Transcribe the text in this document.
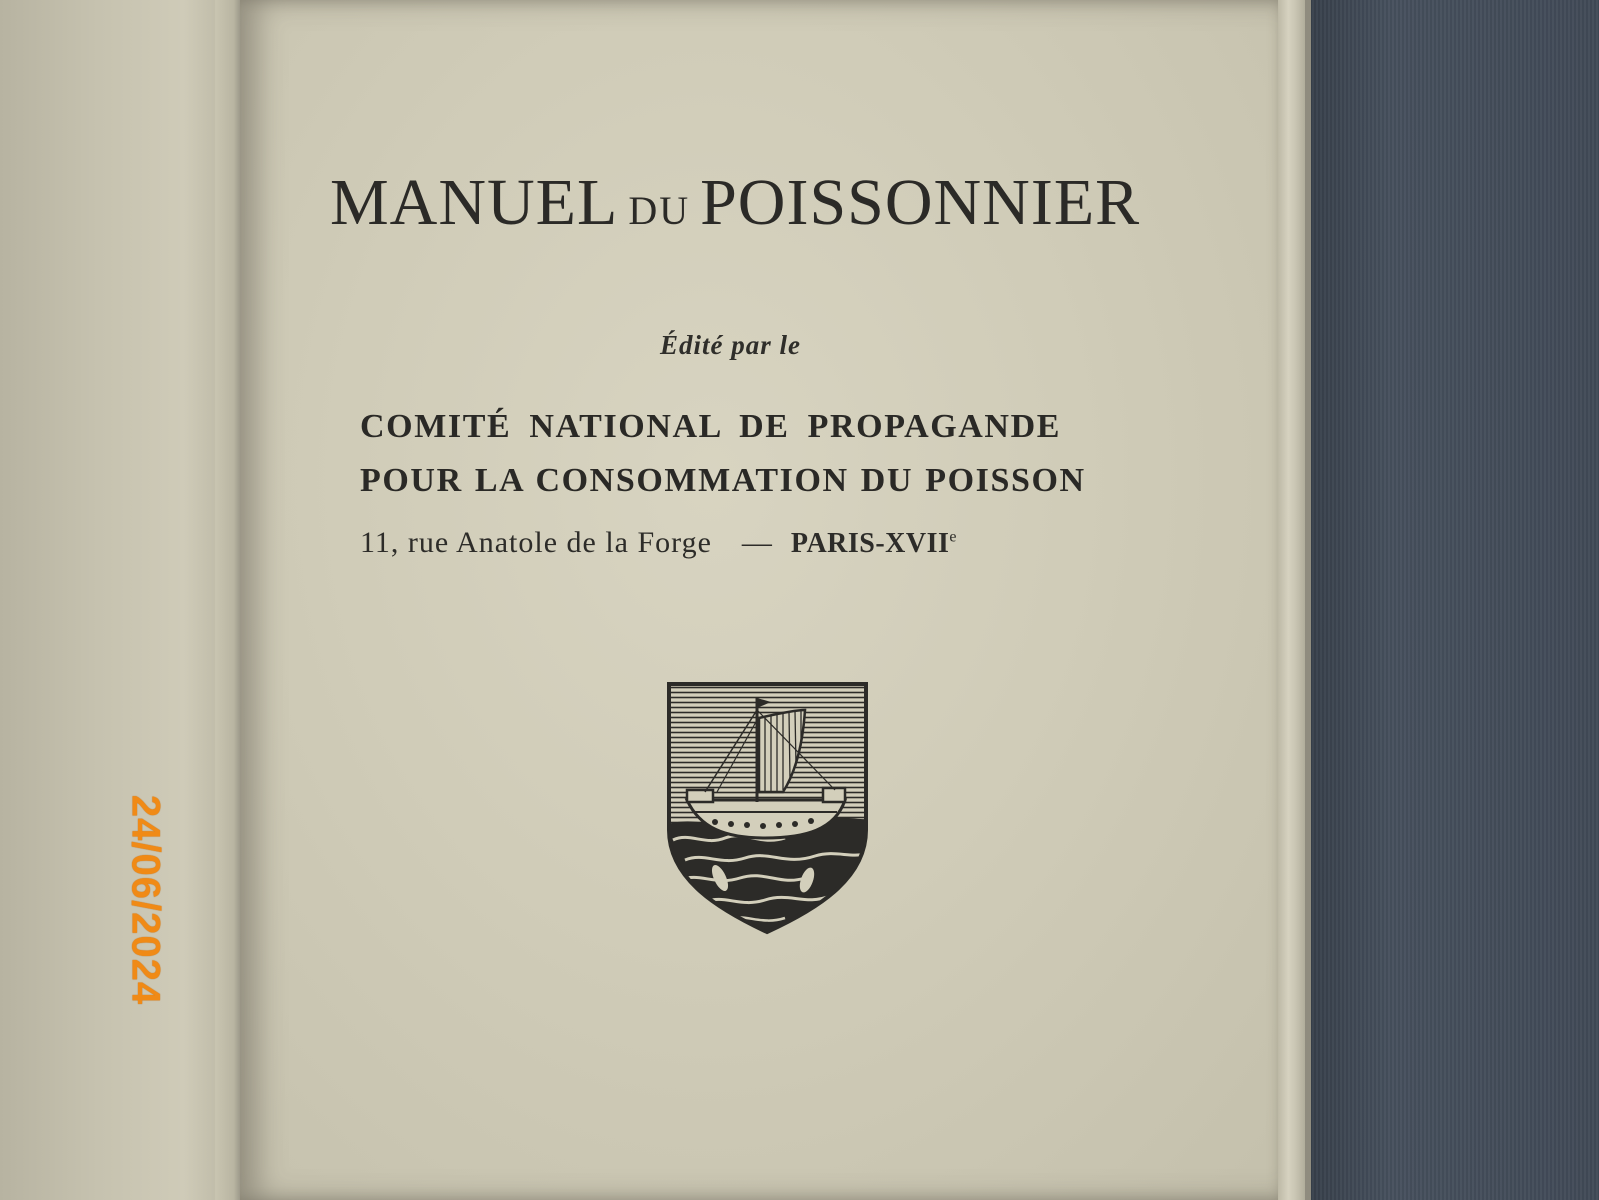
MANUEL DU POISSONNIER
Édité par le
COMITÉ NATIONAL DE PROPAGANDE
POUR LA CONSOMMATION DU POISSON
11, rue Anatole de la Forge — PARIS-XVIIe
24/06/2024
